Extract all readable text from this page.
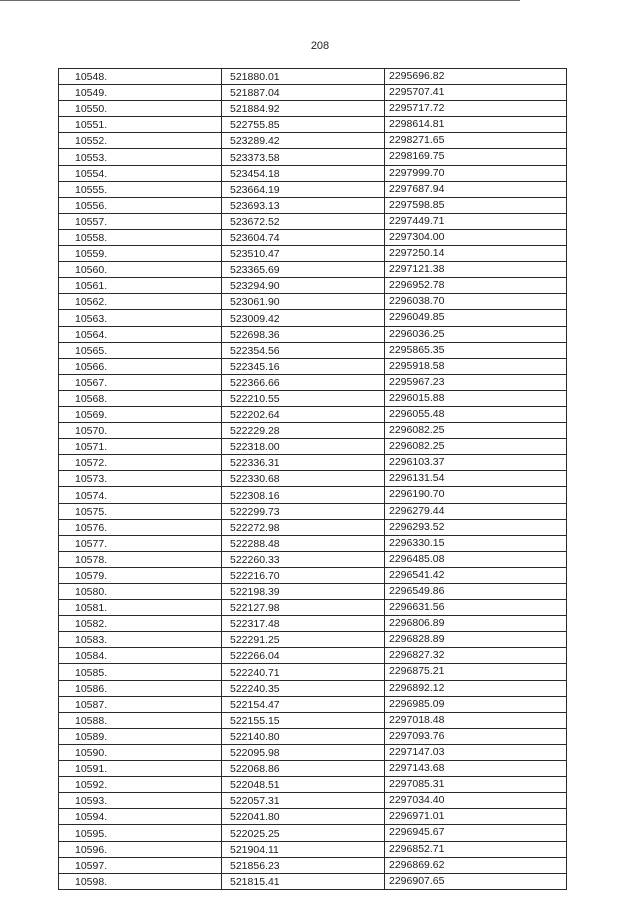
208
10548.	521880.01	2295696.82
10549.	521887.04	2295707.41
10550.	521884.92	2295717.72
10551.	522755.85	2298614.81
10552.	523289.42	2298271.65
10553.	523373.58	2298169.75
10554.	523454.18	2297999.70
10555.	523664.19	2297687.94
10556.	523693.13	2297598.85
10557.	523672.52	2297449.71
10558.	523604.74	2297304.00
10559.	523510.47	2297250.14
10560.	523365.69	2297121.38
10561.	523294.90	2296952.78
10562.	523061.90	2296038.70
10563.	523009.42	2296049.85
10564.	522698.36	2296036.25
10565.	522354.56	2295865.35
10566.	522345.16	2295918.58
10567.	522366.66	2295967.23
10568.	522210.55	2296015.88
10569.	522202.64	2296055.48
10570.	522229.28	2296082.25
10571.	522318.00	2296082.25
10572.	522336.31	2296103.37
10573.	522330.68	2296131.54
10574.	522308.16	2296190.70
10575.	522299.73	2296279.44
10576.	522272.98	2296293.52
10577.	522288.48	2296330.15
10578.	522260.33	2296485.08
10579.	522216.70	2296541.42
10580.	522198.39	2296549.86
10581.	522127.98	2296631.56
10582.	522317.48	2296806.89
10583.	522291.25	2296828.89
10584.	522266.04	2296827.32
10585.	522240.71	2296875.21
10586.	522240.35	2296892.12
10587.	522154.47	2296985.09
10588.	522155.15	2297018.48
10589.	522140.80	2297093.76
10590.	522095.98	2297147.03
10591.	522068.86	2297143.68
10592.	522048.51	2297085.31
10593.	522057.31	2297034.40
10594.	522041.80	2296971.01
10595.	522025.25	2296945.67
10596.	521904.11	2296852.71
10597.	521856.23	2296869.62
10598.	521815.41	2296907.65
